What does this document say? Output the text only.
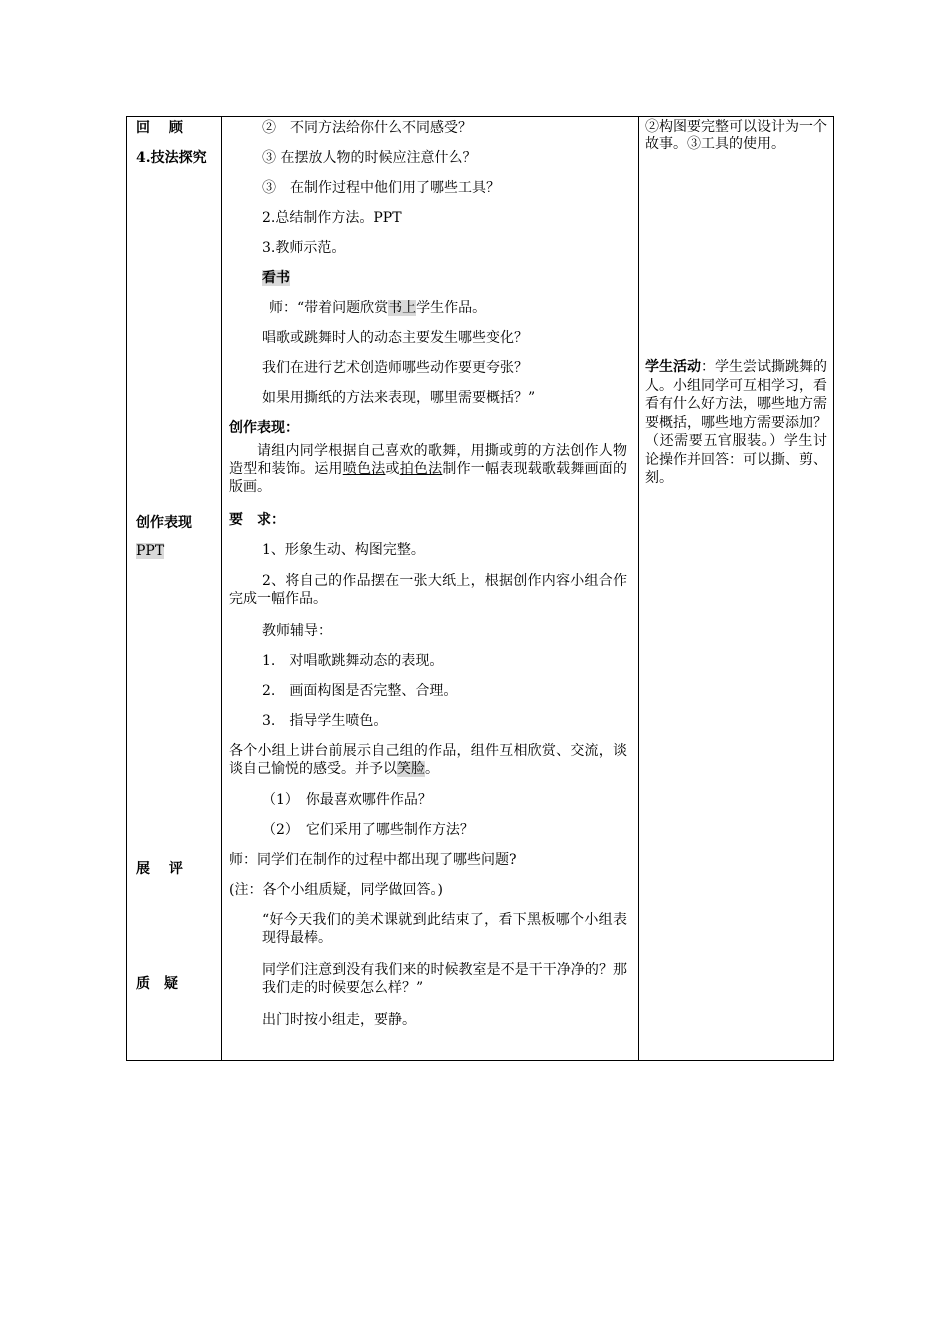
回　 顾
4.技法探究
创作表现
PPT
展　 评
质　疑
②　不同方法给你什么不同感受？
③ 在摆放人物的时候应注意什么？
③　在制作过程中他们用了哪些工具？
2.总结制作方法。PPT
3.教师示范。
看书
师：“带着问题欣赏书上学生作品。
唱歌或跳舞时人的动态主要发生哪些变化？
我们在进行艺术创造师哪些动作要更夸张？
如果用撕纸的方法来表现，哪里需要概括？”
创作表现：
请组内同学根据自己喜欢的歌舞，用撕或剪的方法创作人物造型和装饰。运用喷色法或拍色法制作一幅表现载歌载舞画面的版画。
要　求：
1、形象生动、构图完整。
2、将自己的作品摆在一张大纸上，根据创作内容小组合作完成一幅作品。
教师辅导：
1.　对唱歌跳舞动态的表现。
2.　画面构图是否完整、合理。
3.　指导学生喷色。
各个小组上讲台前展示自己组的作品，组件互相欣赏、交流，谈谈自己愉悦的感受。并予以笑脸。
（1）　你最喜欢哪件作品？
（2）　它们采用了哪些制作方法？
师：同学们在制作的过程中都出现了哪些问题?
(注：各个小组质疑，同学做回答。)
“好今天我们的美术课就到此结束了，看下黑板哪个小组表现得最棒。
同学们注意到没有我们来的时候教室是不是干干净净的？那我们走的时候要怎么样？”
出门时按小组走，要静。
②构图要完整可以设计为一个故事。③工具的使用。
学生活动：学生尝试撕跳舞的人。小组同学可互相学习，看看有什么好方法，哪些地方需要概括，哪些地方需要添加？（还需要五官服装。）学生讨论操作并回答：可以撕、剪、刻。
